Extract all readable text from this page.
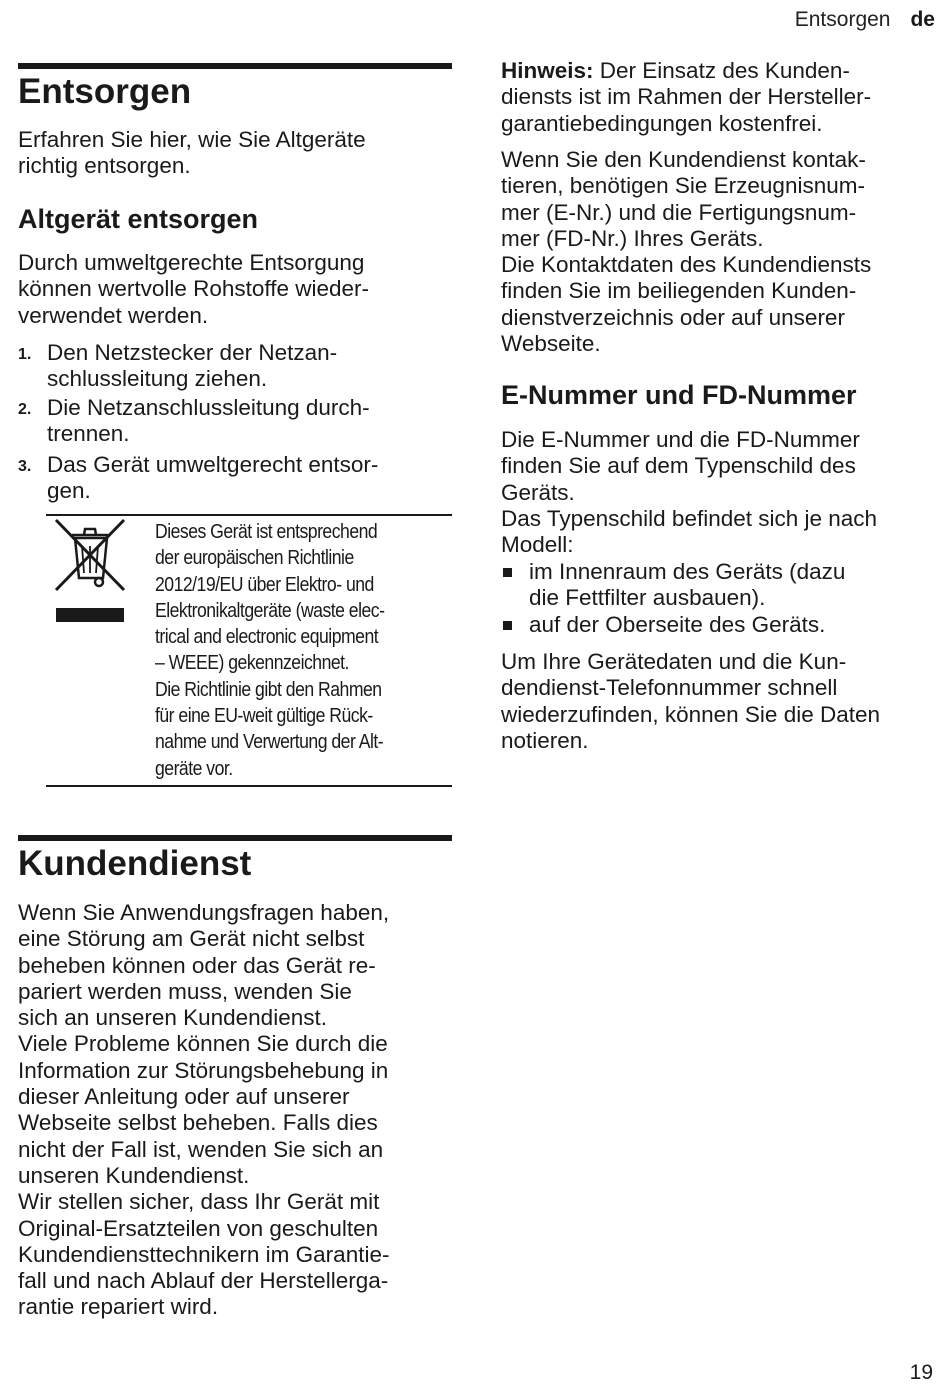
Entsorgen de
Entsorgen
Erfahren Sie hier, wie Sie Altgeräte
richtig entsorgen.
Altgerät entsorgen
Durch umweltgerechte Entsorgung
können wertvolle Rohstoffe wieder-
verwendet werden.
1. Den Netzstecker der Netzan-
schlussleitung ziehen.
2. Die Netzanschlussleitung durch-
trennen.
3. Das Gerät umweltgerecht entsor-
gen.
Kundendienst
Wenn Sie Anwendungsfragen haben,
eine Störung am Gerät nicht selbst
beheben können oder das Gerät re-
pariert werden muss, wenden Sie
sich an unseren Kundendienst.
Viele Probleme können Sie durch die
Information zur Störungsbehebung in
dieser Anleitung oder auf unserer
Webseite selbst beheben. Falls dies
nicht der Fall ist, wenden Sie sich an
unseren Kundendienst.
Wir stellen sicher, dass Ihr Gerät mit
Original-Ersatzteilen von geschulten
Kundendiensttechnikern im Garantie-
fall und nach Ablauf der Herstellerga-
rantie repariert wird.
Dieses Gerät ist entsprechend
der europäischen Richtlinie
2012/19/EU über Elektro- und
Elektronikaltgeräte (waste elec-
trical and electronic equipment
– WEEE) gekennzeichnet.
Die Richtlinie gibt den Rahmen
für eine EU-weit gültige Rück-
nahme und Verwertung der Alt-
geräte vor.
Hinweis: Der Einsatz des Kunden-
diensts ist im Rahmen der Hersteller-
garantiebedingungen kostenfrei.
Wenn Sie den Kundendienst kontak-
tieren, benötigen Sie Erzeugnisnum-
mer (E-Nr.) und die Fertigungsnum-
mer (FD-Nr.) Ihres Geräts.
Die Kontaktdaten des Kundendiensts
finden Sie im beiliegenden Kunden-
dienstverzeichnis oder auf unserer
Webseite.
E-Nummer und FD-Nummer
Die E-Nummer und die FD-Nummer
finden Sie auf dem Typenschild des
Geräts.
Das Typenschild befindet sich je nach
Modell:
im Innenraum des Geräts (dazu
die Fettfilter ausbauen).
auf der Oberseite des Geräts.
Um Ihre Gerätedaten und die Kun-
dendienst-Telefonnummer schnell
wiederzufinden, können Sie die Daten
notieren.
19
